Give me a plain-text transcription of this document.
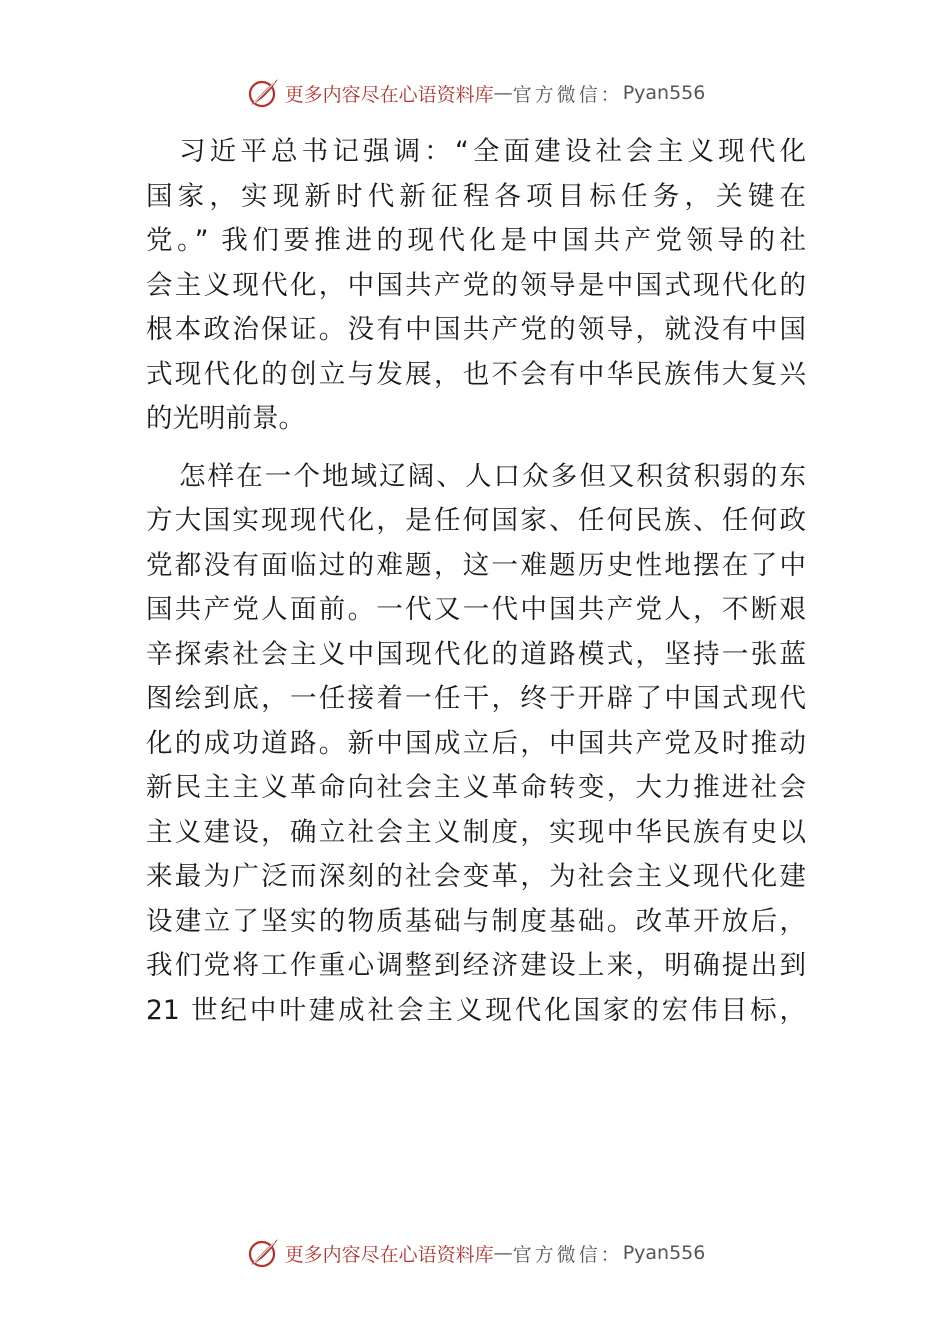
更多内容尽在心语资料库 — 官方微信： Pyan556

习近平总书记强调：“全面建设社会主义现代化
国家，实现新时代新征程各项目标任务，关键在
党。” 我们要推进的现代化是中国共产党领导的社
会主义现代化，中国共产党的领导是中国式现代化的
根本政治保证。没有中国共产党的领导，就没有中国
式现代化的创立与发展，也不会有中华民族伟大复兴
的光明前景。

怎样在一个地域辽阔、人口众多但又积贫积弱的东
方大国实现现代化，是任何国家、任何民族、任何政
党都没有面临过的难题，这一难题历史性地摆在了中
国共产党人面前。一代又一代中国共产党人，不断艰
辛探索社会主义中国现代化的道路模式，坚持一张蓝
图绘到底，一任接着一任干，终于开辟了中国式现代
化的成功道路。新中国成立后，中国共产党及时推动
新民主主义革命向社会主义革命转变，大力推进社会
主义建设，确立社会主义制度，实现中华民族有史以
来最为广泛而深刻的社会变革，为社会主义现代化建
设建立了坚实的物质基础与制度基础。改革开放后，
我们党将工作重心调整到经济建设上来，明确提出到
21 世纪中叶建成社会主义现代化国家的宏伟目标，

更多内容尽在心语资料库 — 官方微信： Pyan556
